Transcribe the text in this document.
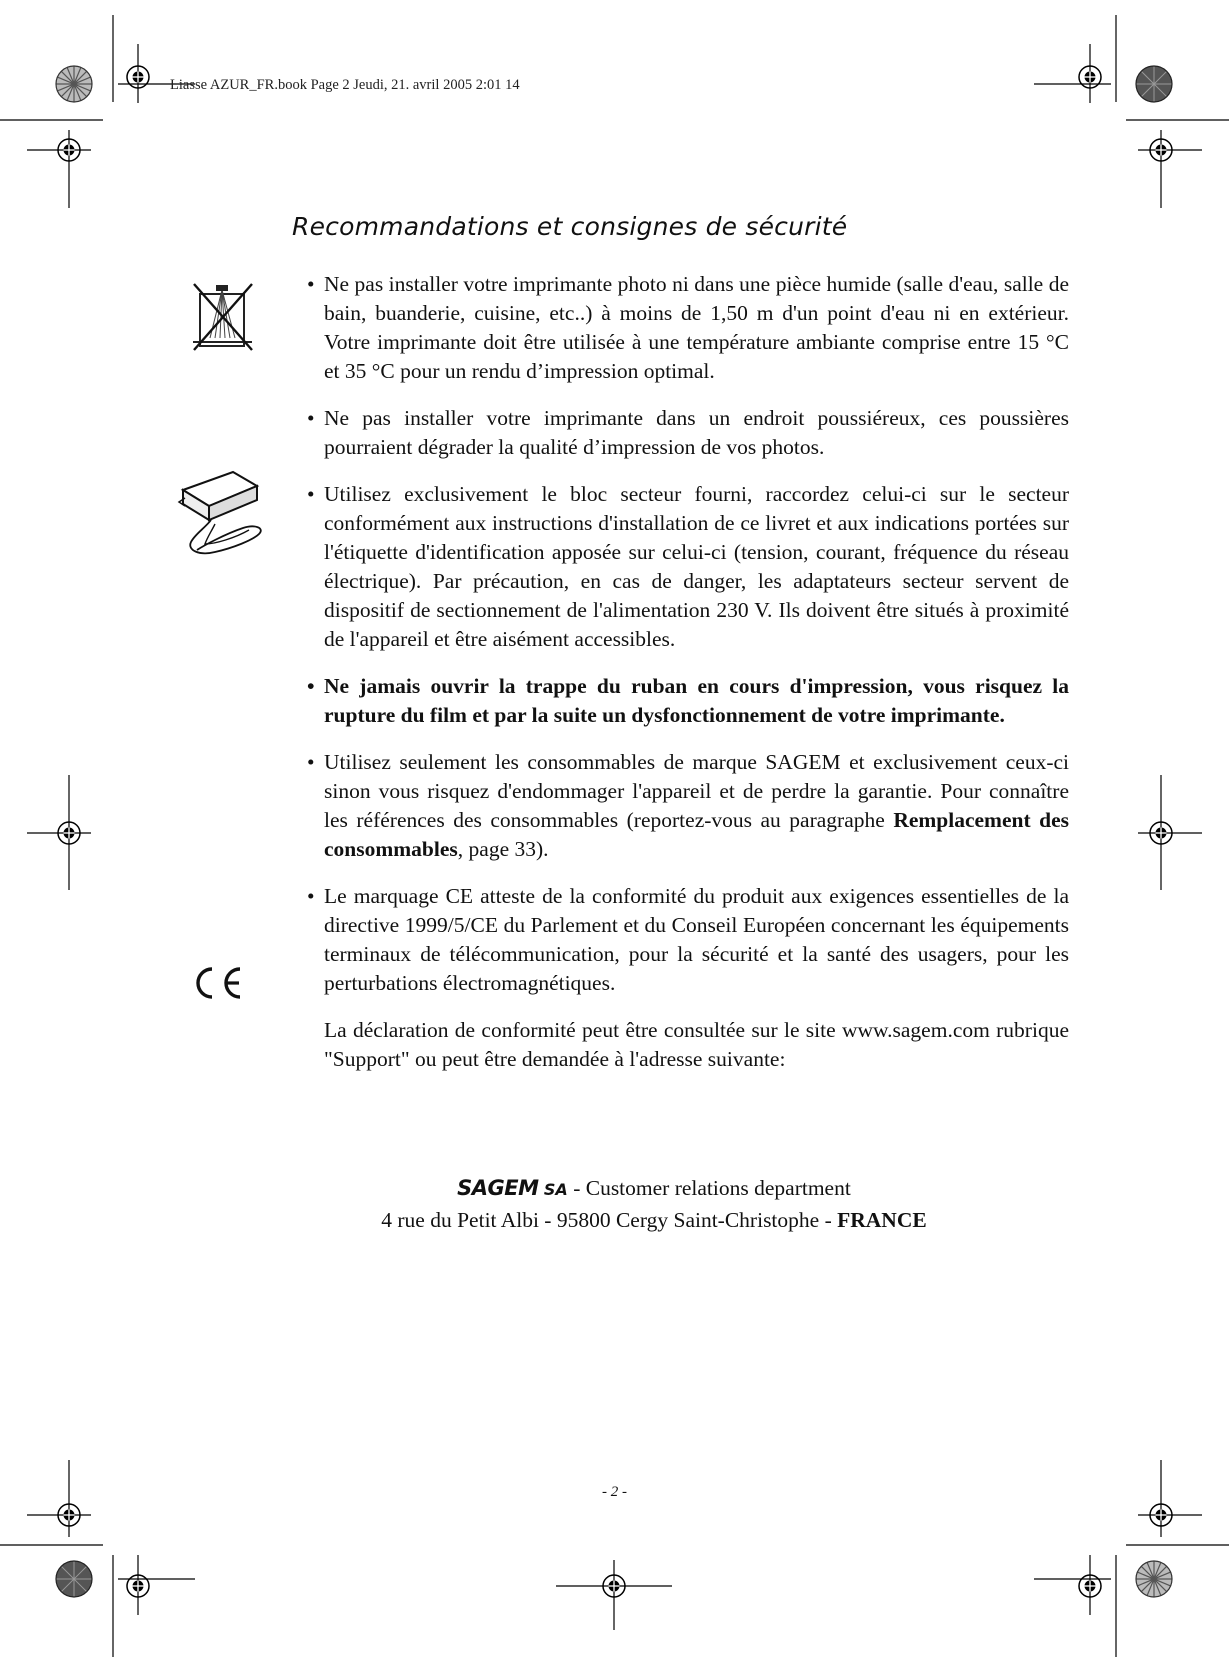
Liasse AZUR_FR.book Page 2 Jeudi, 21. avril 2005 2:01 14
Recommandations et consignes de sécurité

• Ne pas installer votre imprimante photo ni dans une pièce humide (salle d'eau, salle de bain, buanderie, cuisine, etc..) à moins de 1,50 m d'un point d'eau ni en extérieur. Votre imprimante doit être utilisée à une température ambiante comprise entre 15 °C et 35 °C pour un rendu d’impression optimal.

• Ne pas installer votre imprimante dans un endroit poussiéreux, ces poussières pourraient dégrader la qualité d’impression de vos photos.

• Utilisez exclusivement le bloc secteur fourni, raccordez celui-ci sur le secteur conformément aux instructions d'installation de ce livret et aux indications portées sur l'étiquette d'identification apposée sur celui-ci (tension, courant, fréquence du réseau électrique). Par précaution, en cas de danger, les adaptateurs secteur servent de dispositif de sectionnement de l'alimentation 230 V. Ils doivent être situés à proximité de l'appareil et être aisément accessibles.

• Ne jamais ouvrir la trappe du ruban en cours d'impression, vous risquez la rupture du film et par la suite un dysfonctionnement de votre imprimante.

• Utilisez seulement les consommables de marque SAGEM et exclusivement ceux-ci sinon vous risquez d'endommager l'appareil et de perdre la garantie. Pour connaître les références des consommables (reportez-vous au paragraphe Remplacement des consommables, page 33).

• Le marquage CE atteste de la conformité du produit aux exigences essentielles de la directive 1999/5/CE du Parlement et du Conseil Européen concernant les équipements terminaux de télécommunication, pour la sécurité et la santé des usagers, pour les perturbations électromagnétiques.

La déclaration de conformité peut être consultée sur le site www.sagem.com rubrique "Support" ou peut être demandée à l'adresse suivante:

SAGEM SA - Customer relations department
4 rue du Petit Albi - 95800 Cergy Saint-Christophe - FRANCE
- 2 -
